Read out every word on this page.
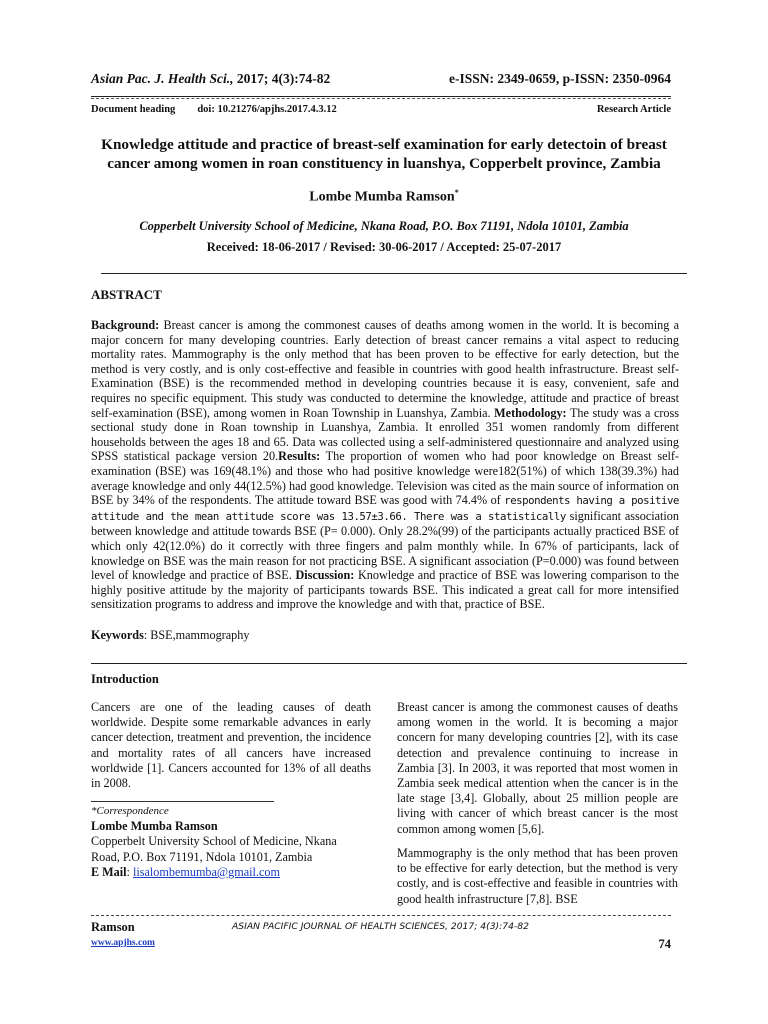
Asian Pac. J. Health Sci., 2017; 4(3):74-82	e-ISSN: 2349-0659, p-ISSN: 2350-0964
Document heading doi: 10.21276/apjhs.2017.4.3.12	Research Article
Knowledge attitude and practice of breast-self examination for early detectoin of breast cancer among women in roan constituency in luanshya, Copperbelt province, Zambia
Lombe Mumba Ramson*
Copperbelt University School of Medicine, Nkana Road, P.O. Box 71191, Ndola 10101, Zambia
Received: 18-06-2017 / Revised: 30-06-2017 / Accepted: 25-07-2017
ABSTRACT
Background: Breast cancer is among the commonest causes of deaths among women in the world. It is becoming a major concern for many developing countries. Early detection of breast cancer remains a vital aspect to reducing mortality rates. Mammography is the only method that has been proven to be effective for early detection, but the method is very costly, and is only cost-effective and feasible in countries with good health infrastructure. Breast self-Examination (BSE) is the recommended method in developing countries because it is easy, convenient, safe and requires no specific equipment. This study was conducted to determine the knowledge, attitude and practice of breast self-examination (BSE), among women in Roan Township in Luanshya, Zambia. Methodology: The study was a cross sectional study done in Roan township in Luanshya, Zambia. It enrolled 351 women randomly from different households between the ages 18 and 65. Data was collected using a self-administered questionnaire and analyzed using SPSS statistical package version 20.Results: The proportion of women who had poor knowledge on Breast self-examination (BSE) was 169(48.1%) and those who had positive knowledge were182(51%) of which 138(39.3%) had average knowledge and only 44(12.5%) had good knowledge. Television was cited as the main source of information on BSE by 34% of the respondents. The attitude toward BSE was good with 74.4% of respondents having a positive attitude and the mean attitude score was 13.57±3.66. There was a statistically significant association between knowledge and attitude towards BSE (P= 0.000). Only 28.2%(99) of the participants actually practiced BSE of which only 42(12.0%) do it correctly with three fingers and palm monthly while. In 67% of participants, lack of knowledge on BSE was the main reason for not practicing BSE. A significant association (P=0.000) was found between level of knowledge and practice of BSE. Discussion: Knowledge and practice of BSE was lowering comparison to the highly positive attitude by the majority of participants towards BSE. This indicated a great call for more intensified sensitization programs to address and improve the knowledge and with that, practice of BSE.
Keywords: BSE,mammography
Introduction
Cancers are one of the leading causes of death worldwide. Despite some remarkable advances in early cancer detection, treatment and prevention, the incidence and mortality rates of all cancers have increased worldwide [1]. Cancers accounted for 13% of all deaths in 2008.
Breast cancer is among the commonest causes of deaths among women in the world. It is becoming a major concern for many developing countries [2], with its case detection and prevalence continuing to increase in Zambia [3]. In 2003, it was reported that most women in Zambia seek medical attention when the cancer is in the late stage [3,4]. Globally, about 25 million people are living with cancer of which breast cancer is the most common among women [5,6].
Mammography is the only method that has been proven to be effective for early detection, but the method is very costly, and is cost-effective and feasible in countries with good health infrastructure [7,8]. BSE
*Correspondence
Lombe Mumba Ramson
Copperbelt University School of Medicine, Nkana
Road, P.O. Box 71191, Ndola 10101, Zambia
E Mail: lisalombemumba@gmail.com
Ramson	ASIAN PACIFIC JOURNAL OF HEALTH SCIENCES, 2017; 4(3):74-82
www.apjhs.com	74
